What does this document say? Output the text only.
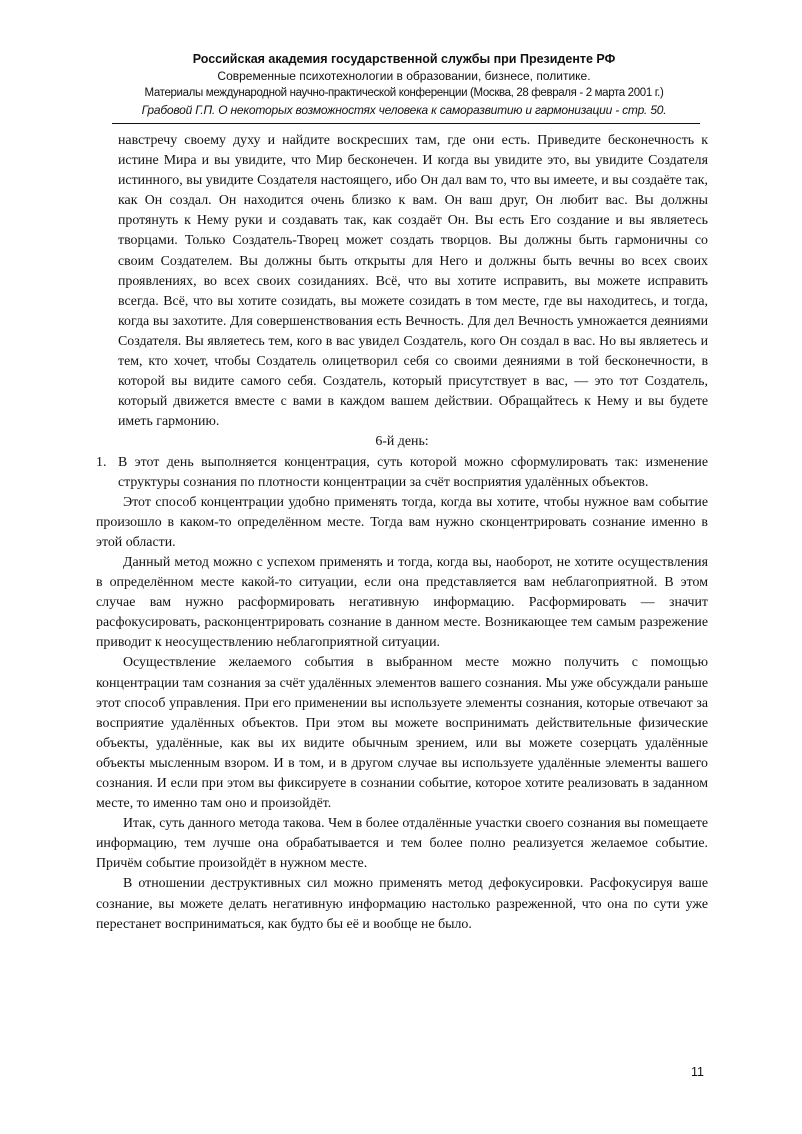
Российская академия государственной службы при Президенте РФ
Современные психотехнологии в образовании, бизнесе, политике.
Материалы международной научно-практической конференции (Москва, 28 февраля - 2 марта 2001 г.)
Грабовой Г.П. О некоторых возможностях человека к саморазвитию и гармонизации - стр. 50.

навстречу своему духу и найдите воскресших там, где они есть. Приведите бесконечность к истине Мира и вы увидите, что Мир бесконечен. И когда вы увидите это, вы увидите Создателя истинного, вы увидите Создателя настоящего, ибо Он дал вам то, что вы имеете, и вы создаёте так, как Он создал. Он находится очень близко к вам. Он ваш друг, Он любит вас. Вы должны протянуть к Нему руки и создавать так, как создаёт Он. Вы есть Его создание и вы являетесь творцами. Только Создатель-Творец может создать творцов. Вы должны быть гармоничны со своим Создателем. Вы должны быть открыты для Него и должны быть вечны во всех своих проявлениях, во всех своих созиданиях. Всё, что вы хотите исправить, вы можете исправить всегда. Всё, что вы хотите созидать, вы можете созидать в том месте, где вы находитесь, и тогда, когда вы захотите. Для совершенствования есть Вечность. Для дел Вечность умножается деяниями Создателя. Вы являетесь тем, кого в вас увидел Создатель, кого Он создал в вас. Но вы являетесь и тем, кто хочет, чтобы Создатель олицетворил себя со своими деяниями в той бесконечности, в которой вы видите самого себя. Создатель, который присутствует в вас, — это тот Создатель, который движется вместе с вами в каждом вашем действии. Обращайтесь к Нему и вы будете иметь гармонию.

6-й день:

1. В этот день выполняется концентрация, суть которой можно сформулировать так: изменение структуры сознания по плотности концентрации за счёт восприятия удалённых объектов.

Этот способ концентрации удобно применять тогда, когда вы хотите, чтобы нужное вам событие произошло в каком-то определённом месте. Тогда вам нужно сконцентрировать сознание именно в этой области.

Данный метод можно с успехом применять и тогда, когда вы, наоборот, не хотите осуществления в определённом месте какой-то ситуации, если она представляется вам неблагоприятной. В этом случае вам нужно расформировать негативную информацию. Расформировать — значит расфокусировать, расконцентрировать сознание в данном месте. Возникающее тем самым разрежение приводит к неосуществлению неблагоприятной ситуации.

Осуществление желаемого события в выбранном месте можно получить с помощью концентрации там сознания за счёт удалённых элементов вашего сознания. Мы уже обсуждали раньше этот способ управления. При его применении вы используете элементы сознания, которые отвечают за восприятие удалённых объектов. При этом вы можете воспринимать действительные физические объекты, удалённые, как вы их видите обычным зрением, или вы можете созерцать удалённые объекты мысленным взором. И в том, и в другом случае вы используете удалённые элементы вашего сознания. И если при этом вы фиксируете в сознании событие, которое хотите реализовать в заданном месте, то именно там оно и произойдёт.

Итак, суть данного метода такова. Чем в более отдалённые участки своего сознания вы помещаете информацию, тем лучше она обрабатывается и тем более полно реализуется желаемое событие. Причём событие произойдёт в нужном месте.

В отношении деструктивных сил можно применять метод дефокусировки. Расфокусируя ваше сознание, вы можете делать негативную информацию настолько разреженной, что она по сути уже перестанет восприниматься, как будто бы её и вообще не было.

11
